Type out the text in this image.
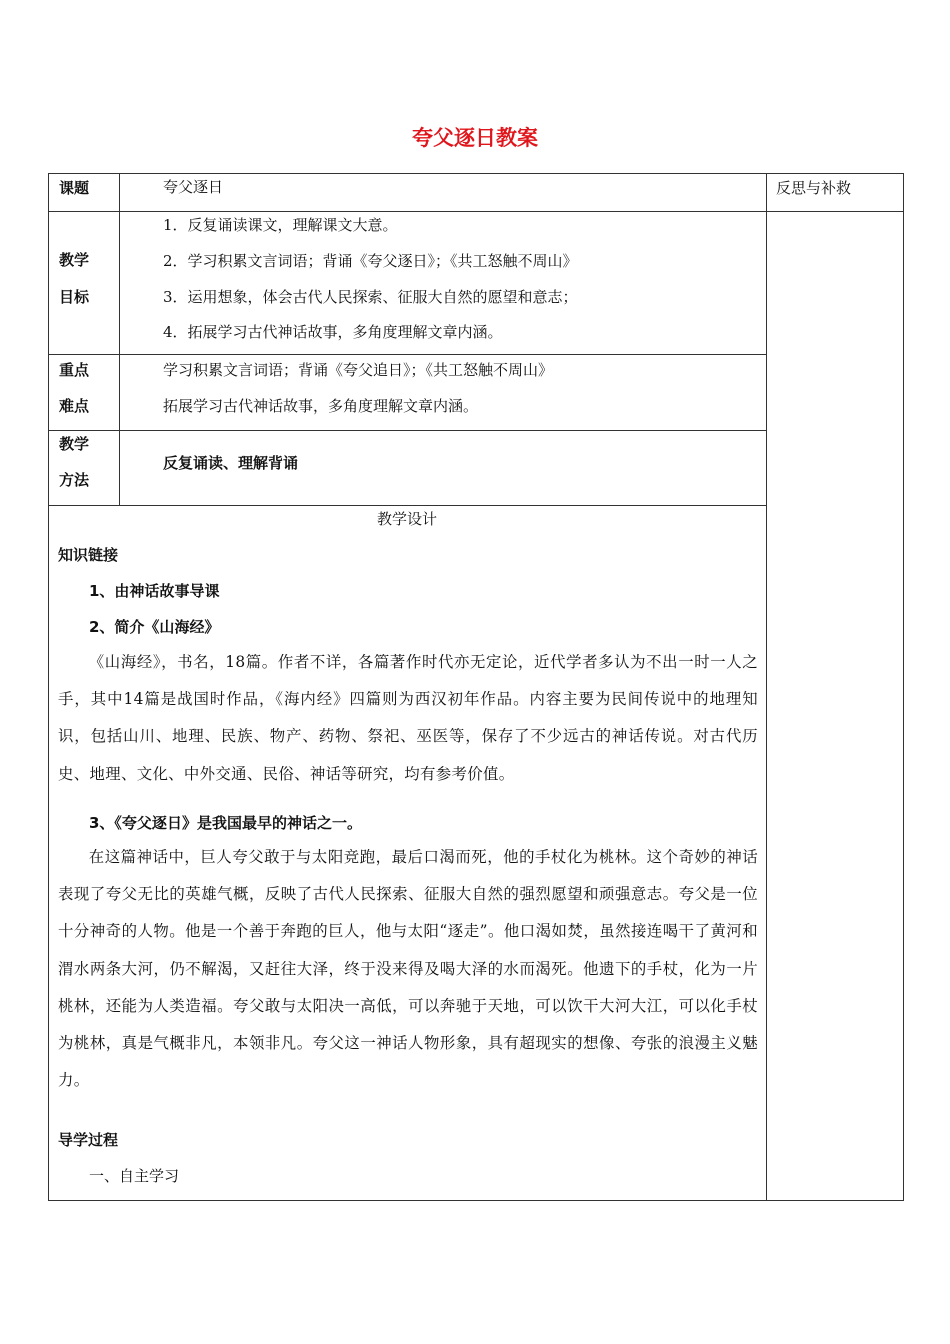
夸父逐日教案
课题	夸父逐日	反思与补救
教学
目标
1．反复诵读课文，理解课文大意。
2．学习积累文言词语；背诵《夸父逐日》；《共工怒触不周山》
3．运用想象，体会古代人民探索、征服大自然的愿望和意志；
4．拓展学习古代神话故事，多角度理解文章内涵。
重点
难点
学习积累文言词语；背诵《夸父追日》；《共工怒触不周山》
拓展学习古代神话故事，多角度理解文章内涵。
教学
方法
反复诵读、理解背诵
教学设计
知识链接
1、由神话故事导课
2、简介《山海经》
《山海经》，书名，18篇。作者不详，各篇著作时代亦无定论，近代学者多认为不出一时一人之手，其中14篇是战国时作品，《海内经》四篇则为西汉初年作品。内容主要为民间传说中的地理知识，包括山川、地理、民族、物产、药物、祭祀、巫医等，保存了不少远古的神话传说。对古代历史、地理、文化、中外交通、民俗、神话等研究，均有参考价值。
3、《夸父逐日》是我国最早的神话之一。
在这篇神话中，巨人夸父敢于与太阳竞跑，最后口渴而死，他的手杖化为桃林。这个奇妙的神话表现了夸父无比的英雄气概，反映了古代人民探索、征服大自然的强烈愿望和顽强意志。夸父是一位十分神奇的人物。他是一个善于奔跑的巨人，他与太阳“逐走”。他口渴如焚，虽然接连喝干了黄河和渭水两条大河，仍不解渴，又赶往大泽，终于没来得及喝大泽的水而渴死。他遗下的手杖，化为一片桃林，还能为人类造福。夸父敢与太阳决一高低，可以奔驰于天地，可以饮干大河大江，可以化手杖为桃林，真是气概非凡，本领非凡。夸父这一神话人物形象，具有超现实的想像、夸张的浪漫主义魅力。
导学过程
一、自主学习
